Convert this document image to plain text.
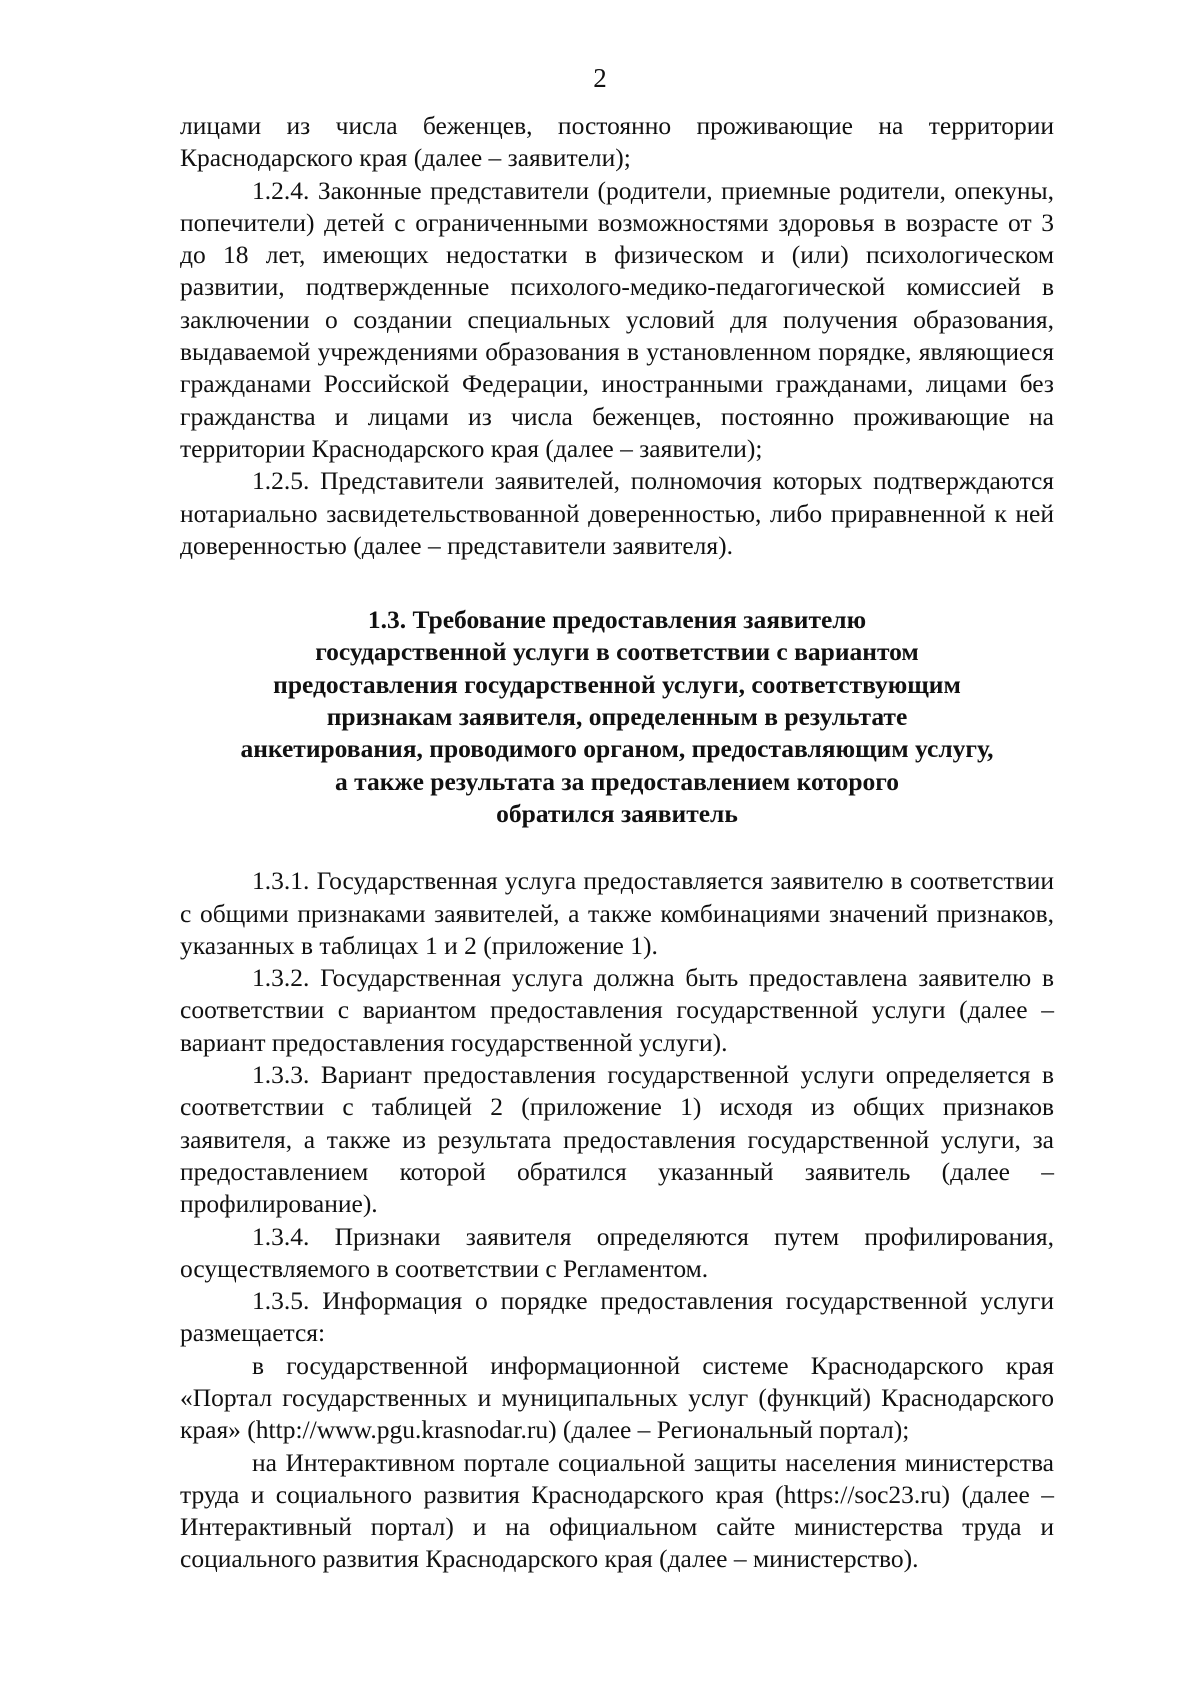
2

лицами из числа беженцев, постоянно проживающие на территории Краснодарского края (далее – заявители);

1.2.4. Законные представители (родители, приемные родители, опекуны, попечители) детей с ограниченными возможностями здоровья в возрасте от 3 до 18 лет, имеющих недостатки в физическом и (или) психологическом развитии, подтвержденные психолого-медико-педагогической комиссией в заключении о создании специальных условий для получения образования, выдаваемой учреждениями образования в установленном порядке, являющиеся гражданами Российской Федерации, иностранными гражданами, лицами без гражданства и лицами из числа беженцев, постоянно проживающие на территории Краснодарского края (далее – заявители);

1.2.5. Представители заявителей, полномочия которых подтверждаются нотариально засвидетельствованной доверенностью, либо приравненной к ней доверенностью (далее – представители заявителя).

1.3. Требование предоставления заявителю
государственной услуги в соответствии с вариантом
предоставления государственной услуги, соответствующим
признакам заявителя, определенным в результате
анкетирования, проводимого органом, предоставляющим услугу,
а также результата за предоставлением которого
обратился заявитель

1.3.1. Государственная услуга предоставляется заявителю в соответствии с общими признаками заявителей, а также комбинациями значений признаков, указанных в таблицах 1 и 2 (приложение 1).

1.3.2. Государственная услуга должна быть предоставлена заявителю в соответствии с вариантом предоставления государственной услуги (далее – вариант предоставления государственной услуги).

1.3.3. Вариант предоставления государственной услуги определяется в соответствии с таблицей 2 (приложение 1) исходя из общих признаков заявителя, а также из результата предоставления государственной услуги, за предоставлением которой обратился указанный заявитель (далее – профилирование).

1.3.4. Признаки заявителя определяются путем профилирования, осуществляемого в соответствии с Регламентом.

1.3.5. Информация о порядке предоставления государственной услуги размещается:

в государственной информационной системе Краснодарского края «Портал государственных и муниципальных услуг (функций) Краснодарского края» (http://www.pgu.krasnodar.ru) (далее – Региональный портал);

на Интерактивном портале социальной защиты населения министерства труда и социального развития Краснодарского края (https://soc23.ru) (далее – Интерактивный портал) и на официальном сайте министерства труда и социального развития Краснодарского края (далее – министерство).
